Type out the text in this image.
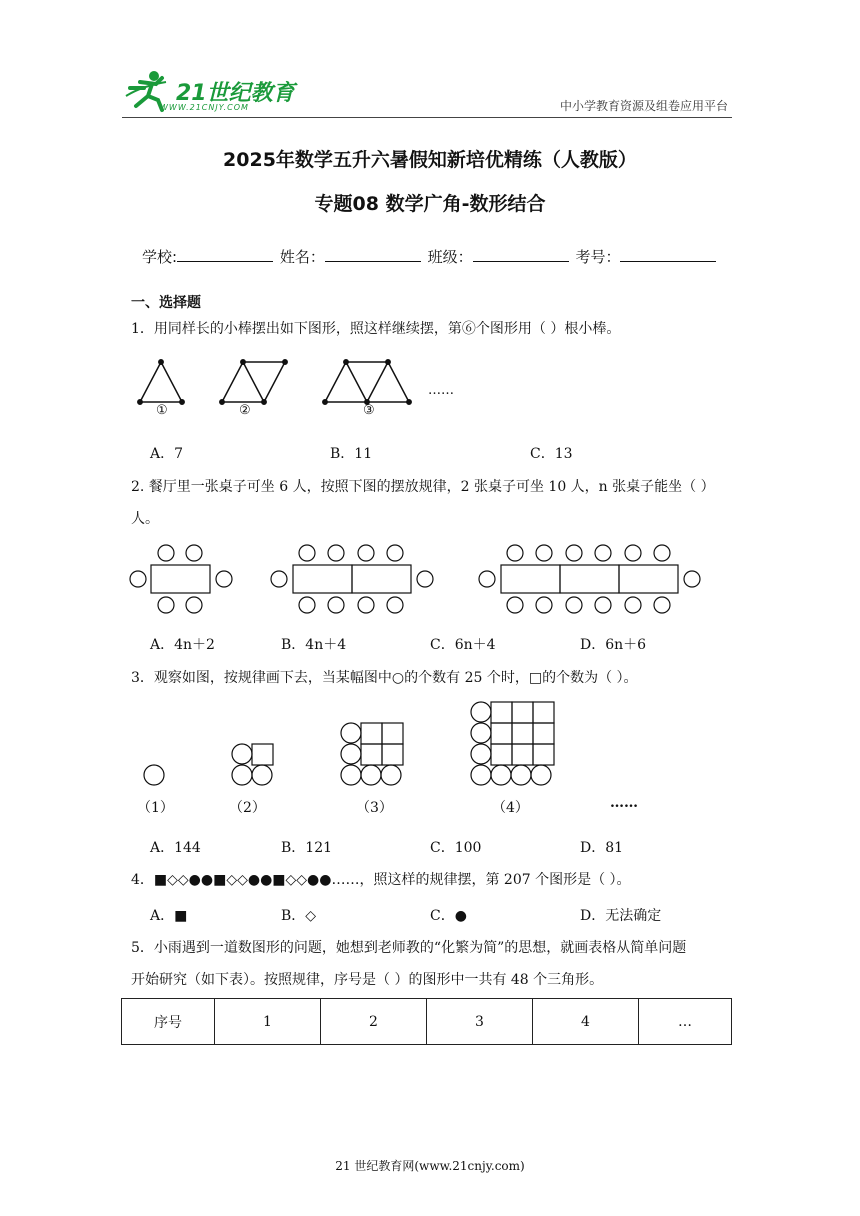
21世纪教育
WWW.21CNJY.COM	中小学教育资源及组卷应用平台
2025年数学五升六暑假知新培优精练（人教版）
专题08 数学广角-数形结合
学校:	姓名：	班级：	考号：
一、选择题
1．用同样长的小棒摆出如下图形，照这样继续摆，第⑥个图形用（ ）根小棒。
①	②	③
……
A．7	B．11	C．13
2. 餐厅里一张桌子可坐 6 人，按照下图的摆放规律，2 张桌子可坐 10 人，n 张桌子能坐（ ）
人。
A．4n＋2	B．4n＋4	C．6n＋4	D．6n＋6
3．观察如图，按规律画下去，当某幅图中○的个数有 25 个时，□的个数为（ ）。
（1）	（2）	（3）	（4）	……
A．144	B．121	C．100	D．81
4．■◇◇●●■◇◇●●■◇◇●●……，照这样的规律摆，第 207 个图形是（ ）。
A．■	B．◇	C．●	D．无法确定
5．小雨遇到一道数图形的问题，她想到老师教的“化繁为简”的思想，就画表格从简单问题
开始研究（如下表）。按照规律，序号是（ ）的图形中一共有 48 个三角形。
序号	1	2	3	4	…
21 世纪教育网(www.21cnjy.com)
